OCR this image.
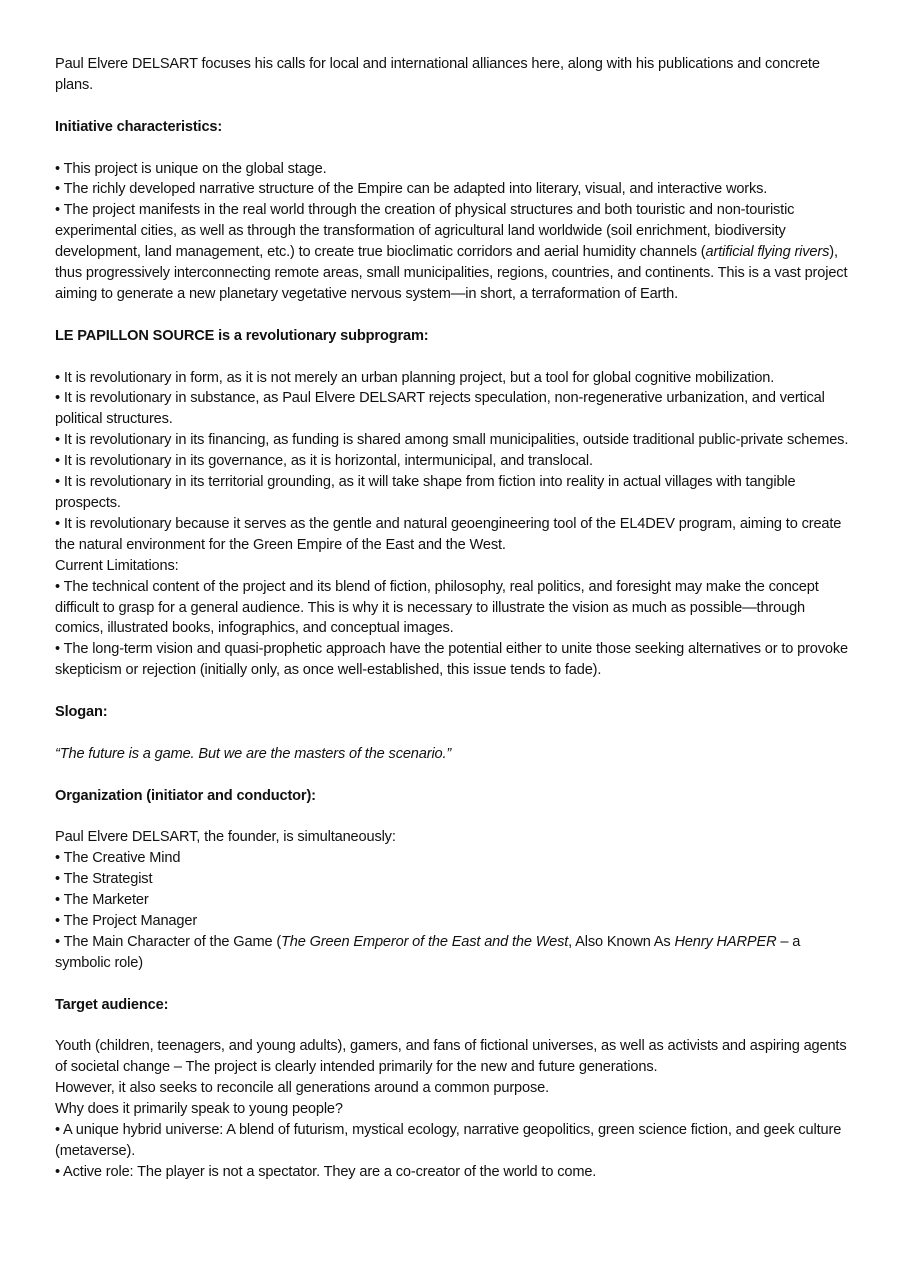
Paul Elvere DELSART focuses his calls for local and international alliances here, along with his publications and concrete plans.

Initiative characteristics:

• This project is unique on the global stage.

• The richly developed narrative structure of the Empire can be adapted into literary, visual, and interactive works.

• The project manifests in the real world through the creation of physical structures and both touristic and non-touristic experimental cities, as well as through the transformation of agricultural land worldwide (soil enrichment, biodiversity development, land management, etc.) to create true bioclimatic corridors and aerial humidity channels (artificial flying rivers), thus progressively interconnecting remote areas, small municipalities, regions, countries, and continents. This is a vast project aiming to generate a new planetary vegetative nervous system—in short, a terraformation of Earth.

LE PAPILLON SOURCE is a revolutionary subprogram:

• It is revolutionary in form, as it is not merely an urban planning project, but a tool for global cognitive mobilization.

• It is revolutionary in substance, as Paul Elvere DELSART rejects speculation, non-regenerative urbanization, and vertical political structures.

• It is revolutionary in its financing, as funding is shared among small municipalities, outside traditional public-private schemes.

• It is revolutionary in its governance, as it is horizontal, intermunicipal, and translocal.

• It is revolutionary in its territorial grounding, as it will take shape from fiction into reality in actual villages with tangible prospects.

• It is revolutionary because it serves as the gentle and natural geoengineering tool of the EL4DEV program, aiming to create the natural environment for the Green Empire of the East and the West.

Current Limitations:

• The technical content of the project and its blend of fiction, philosophy, real politics, and foresight may make the concept difficult to grasp for a general audience. This is why it is necessary to illustrate the vision as much as possible—through comics, illustrated books, infographics, and conceptual images.

• The long-term vision and quasi-prophetic approach have the potential either to unite those seeking alternatives or to provoke skepticism or rejection (initially only, as once well-established, this issue tends to fade).

Slogan:

“The future is a game. But we are the masters of the scenario.”

Organization (initiator and conductor):

Paul Elvere DELSART, the founder, is simultaneously:

• The Creative Mind

• The Strategist

• The Marketer

• The Project Manager

• The Main Character of the Game (The Green Emperor of the East and the West, Also Known As Henry HARPER – a symbolic role)

Target audience:

Youth (children, teenagers, and young adults), gamers, and fans of fictional universes, as well as activists and aspiring agents of societal change – The project is clearly intended primarily for the new and future generations.

However, it also seeks to reconcile all generations around a common purpose.

Why does it primarily speak to young people?

• A unique hybrid universe: A blend of futurism, mystical ecology, narrative geopolitics, green science fiction, and geek culture (metaverse).

• Active role: The player is not a spectator. They are a co-creator of the world to come.
